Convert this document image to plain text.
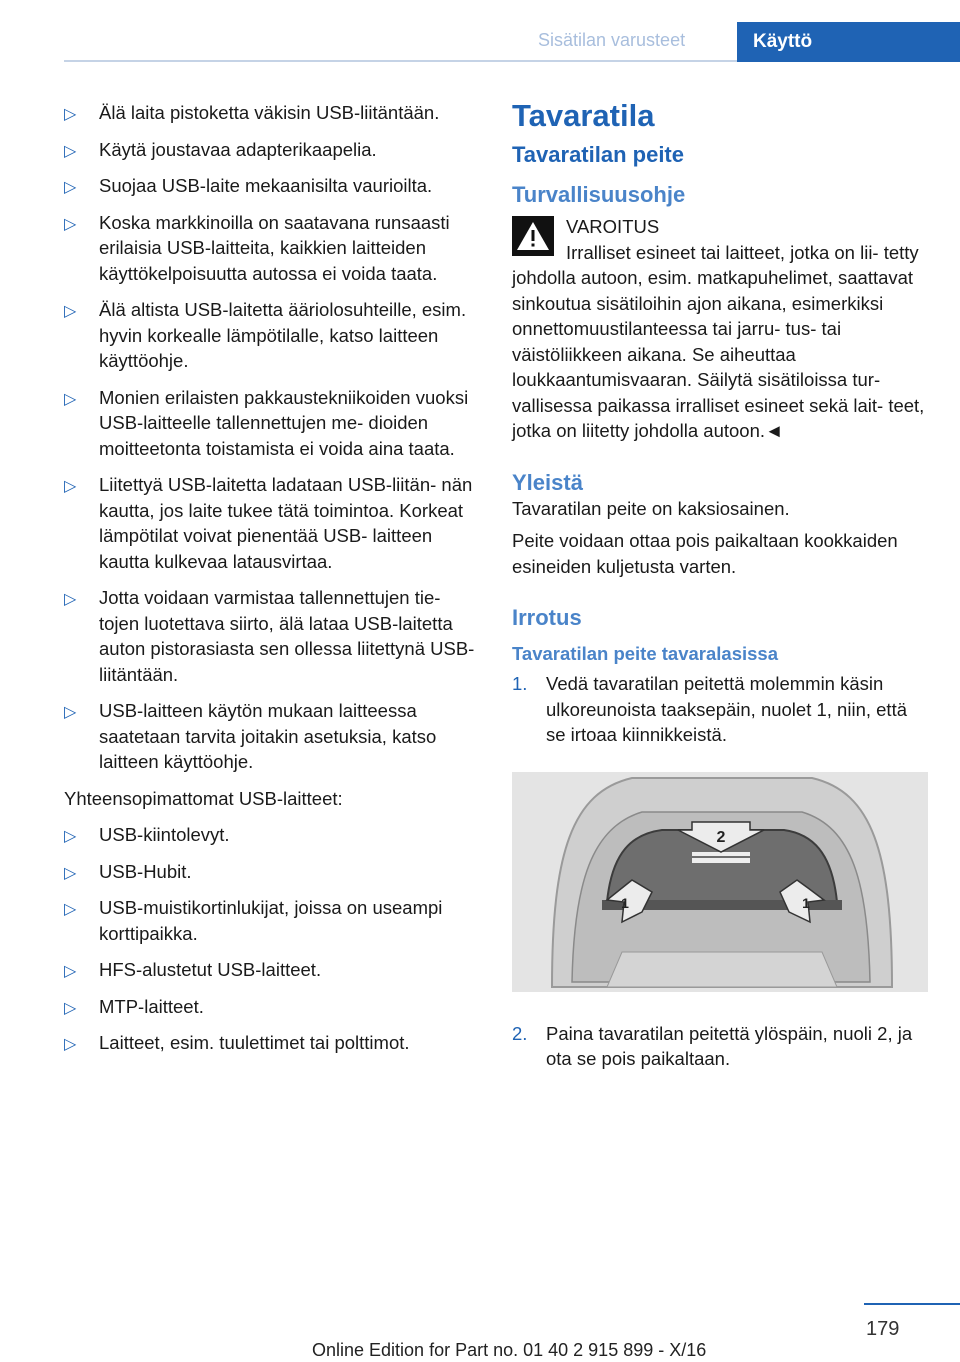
Sisätilan varusteet	Käyttö
▷ Älä laita pistoketta väkisin USB-liitäntään.
▷ Käytä joustavaa adapterikaapelia.
▷ Suojaa USB-laite mekaanisilta vaurioilta.
▷ Koska markkinoilla on saatavana runsaasti erilaisia USB-laitteita, kaikkien laitteiden käyttökelpoisuutta autossa ei voida taata.
▷ Älä altista USB-laitetta ääriolosuhteille, esim. hyvin korkealle lämpötilalle, katso laitteen käyttöohje.
▷ Monien erilaisten pakkaustekniikoiden vuoksi USB-laitteelle tallennettujen me- dioiden moitteetonta toistamista ei voida aina taata.
▷ Liitettyä USB-laitetta ladataan USB-liitän- nän kautta, jos laite tukee tätä toimintoa. Korkeat lämpötilat voivat pienentää USB- laitteen kautta kulkevaa latausvirtaa.
▷ Jotta voidaan varmistaa tallennettujen tie- tojen luotettava siirto, älä lataa USB-laitetta auton pistorasiasta sen ollessa liitettynä USB-liitäntään.
▷ USB-laitteen käytön mukaan laitteessa saatetaan tarvita joitakin asetuksia, katso laitteen käyttöohje.

Yhteensopimattomat USB-laitteet:

▷ USB-kiintolevyt.
▷ USB-Hubit.
▷ USB-muistikortinlukijat, joissa on useampi korttipaikka.
▷ HFS-alustetut USB-laitteet.
▷ MTP-laitteet.
▷ Laitteet, esim. tuulettimet tai polttimot.
Tavaratila
Tavaratilan peite
Turvallisuusohje
VAROITUS
Irralliset esineet tai laitteet, jotka on lii- tetty johdolla autoon, esim. matkapuhelimet, saattavat sinkoutua sisätiloihin ajon aikana, esimerkiksi onnettomuustilanteessa tai jarru- tus- tai väistöliikkeen aikana. Se aiheuttaa loukkaantumisvaaran. Säilytä sisätiloissa tur- vallisessa paikassa irralliset esineet sekä lait- teet, jotka on liitetty johdolla autoon.◄
Yleistä

Tavaratilan peite on kaksiosainen.

Peite voidaan ottaa pois paikaltaan kookkaiden esineiden kuljetusta varten.

Irrotus
Tavaratilan peite tavaralasissa
1. Vedä tavaratilan peitettä molemmin käsin ulkoreunoista taaksepäin, nuolet 1, niin, että se irtoaa kiinnikkeistä.
2
1	1
2. Paina tavaratilan peitettä ylöspäin, nuoli 2, ja ota se pois paikaltaan.
179
Online Edition for Part no. 01 40 2 915 899 - X/16
